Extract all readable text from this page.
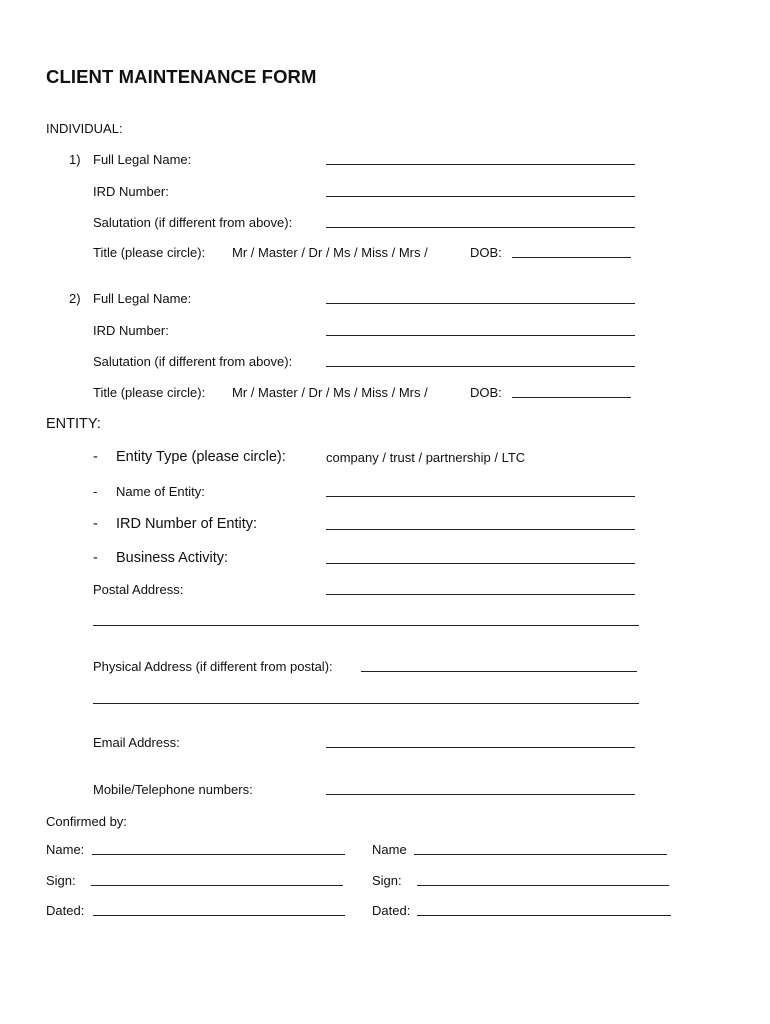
CLIENT MAINTENANCE FORM
INDIVIDUAL:
1) Full Legal Name:
IRD Number:
Salutation (if different from above):
Title (please circle): Mr / Master / Dr / Ms / Miss / Mrs /	DOB:
2) Full Legal Name:
IRD Number:
Salutation (if different from above):
Title (please circle): Mr / Master / Dr / Ms / Miss / Mrs /	DOB:
ENTITY:
- Entity Type (please circle):	company / trust / partnership / LTC
- Name of Entity:
- IRD Number of Entity:
- Business Activity:
Postal Address:
Physical Address (if different from postal):
Email Address:
Mobile/Telephone numbers:
Confirmed by:
Name:	Name
Sign:	Sign:
Dated:	Dated:
